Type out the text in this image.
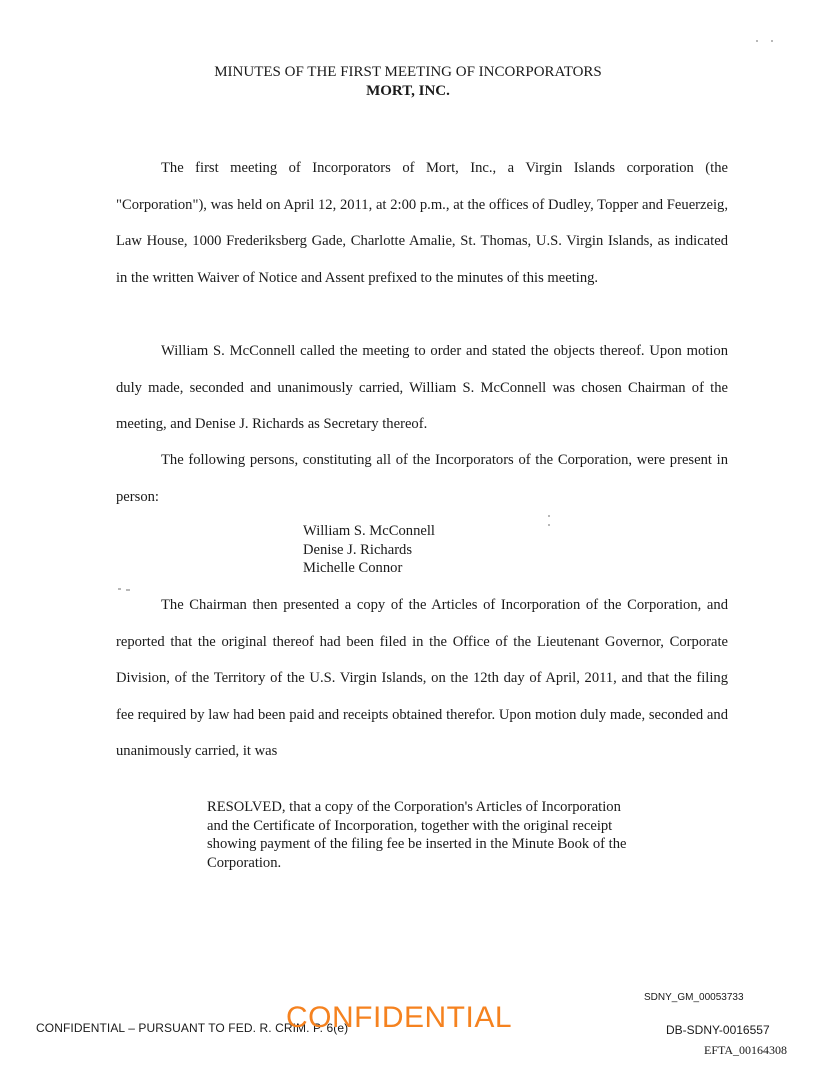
MINUTES OF THE FIRST MEETING OF INCORPORATORS
MORT, INC.

The first meeting of Incorporators of Mort, Inc., a Virgin Islands corporation (the "Corporation"), was held on April 12, 2011, at 2:00 p.m., at the offices of Dudley, Topper and Feuerzeig, Law House, 1000 Frederiksberg Gade, Charlotte Amalie, St. Thomas, U.S. Virgin Islands, as indicated in the written Waiver of Notice and Assent prefixed to the minutes of this meeting.

William S. McConnell called the meeting to order and stated the objects thereof. Upon motion duly made, seconded and unanimously carried, William S. McConnell was chosen Chairman of the meeting, and Denise J. Richards as Secretary thereof.

The following persons, constituting all of the Incorporators of the Corporation, were present in person:

William S. McConnell
Denise J. Richards
Michelle Connor

The Chairman then presented a copy of the Articles of Incorporation of the Corporation, and reported that the original thereof had been filed in the Office of the Lieutenant Governor, Corporate Division, of the Territory of the U.S. Virgin Islands, on the 12th day of April, 2011, and that the filing fee required by law had been paid and receipts obtained therefor. Upon motion duly made, seconded and unanimously carried, it was

RESOLVED, that a copy of the Corporation's Articles of Incorporation and the Certificate of Incorporation, together with the original receipt showing payment of the filing fee be inserted in the Minute Book of the Corporation.

SDNY_GM_00053733
CONFIDENTIAL – PURSUANT TO FED. R. CRIM. P. 6(e)
CONFIDENTIAL	DB-SDNY-0016557
EFTA_00164308
